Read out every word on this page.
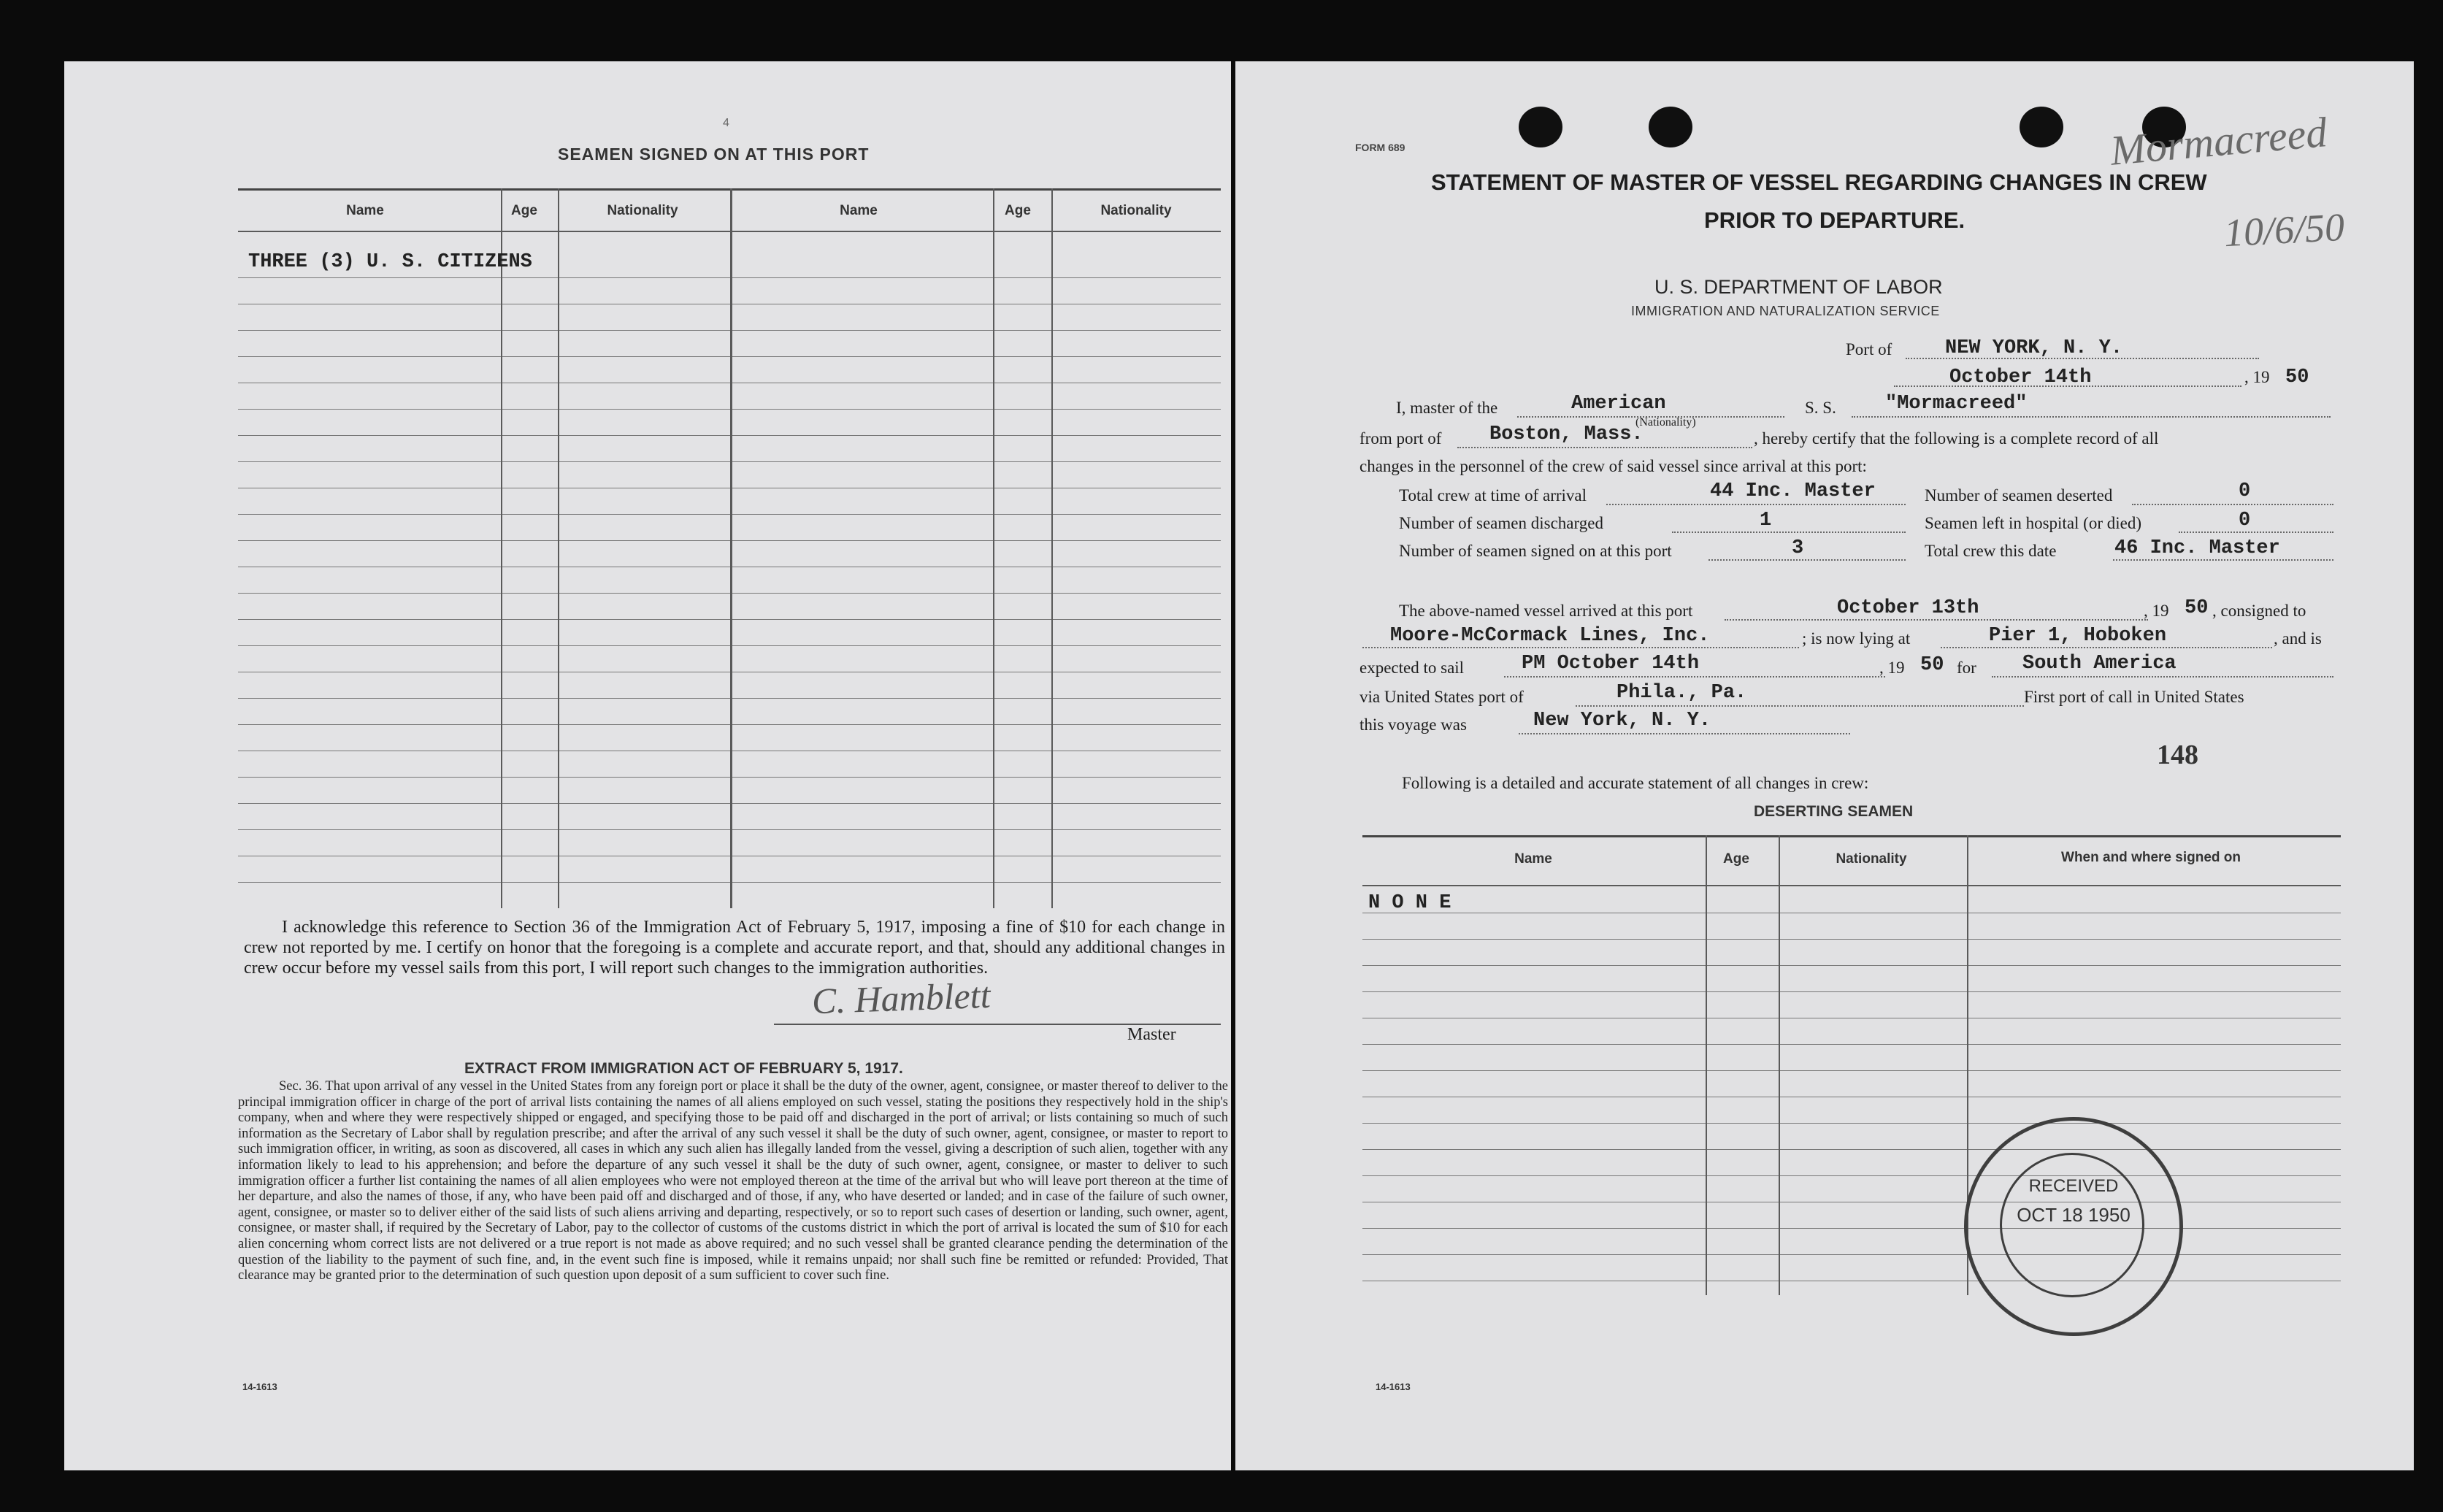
4
SEAMEN SIGNED ON AT THIS PORT
Name	Age	Nationality	Name	Age	Nationality
THREE (3) U. S. CITIZENS
I acknowledge this reference to Section 36 of the Immigration Act of February 5, 1917, imposing a fine of $10 for each change in crew not reported by me. I certify on honor that the foregoing is a complete and accurate report, and that, should any additional changes in crew occur before my vessel sails from this port, I will report such changes to the immigration authorities.
C. Hamblett
Master
EXTRACT FROM IMMIGRATION ACT OF FEBRUARY 5, 1917.
Sec. 36. That upon arrival of any vessel in the United States from any foreign port or place it shall be the duty of the owner, agent, consignee, or master thereof to deliver to the principal immigration officer in charge of the port of arrival lists containing the names of all aliens employed on such vessel, stating the positions they respectively hold in the ship's company, when and where they were respectively shipped or engaged, and specifying those to be paid off and discharged in the port of arrival; or lists containing so much of such information as the Secretary of Labor shall by regulation prescribe; and after the arrival of any such vessel it shall be the duty of such owner, agent, consignee, or master to report to such immigration officer, in writing, as soon as discovered, all cases in which any such alien has illegally landed from the vessel, giving a description of such alien, together with any information likely to lead to his apprehension; and before the departure of any such vessel it shall be the duty of such owner, agent, consignee, or master to deliver to such immigration officer a further list containing the names of all alien employees who were not employed thereon at the time of the arrival but who will leave port thereon at the time of her departure, and also the names of those, if any, who have been paid off and discharged and of those, if any, who have deserted or landed; and in case of the failure of such owner, agent, consignee, or master so to deliver either of the said lists of such aliens arriving and departing, respectively, or so to report such cases of desertion or landing, such owner, agent, consignee, or master shall, if required by the Secretary of Labor, pay to the collector of customs of the customs district in which the port of arrival is located the sum of $10 for each alien concerning whom correct lists are not delivered or a true report is not made as above required; and no such vessel shall be granted clearance pending the determination of the question of the liability to the payment of such fine, and, in the event such fine is imposed, while it remains unpaid; nor shall such fine be remitted or refunded: Provided, That clearance may be granted prior to the determination of such question upon deposit of a sum sufficient to cover such fine.
14-1613
FORM 689	Mormacreed
10/6/50
STATEMENT OF MASTER OF VESSEL REGARDING CHANGES IN CREW
PRIOR TO DEPARTURE.
U. S. DEPARTMENT OF LABOR
IMMIGRATION AND NATURALIZATION SERVICE
Port of	NEW YORK, N. Y.
October 14th	, 19 50
I, master of the	American
(Nationality)
S. S. "Mormacreed"
from port of Boston, Mass.	, hereby certify that the following is a complete record of all
changes in the personnel of the crew of said vessel since arrival at this port:
Total crew at time of arrival	44 Inc. Master	Number of seamen deserted	0
Number of seamen discharged	1	Seamen left in hospital (or died)	0
Number of seamen signed on at this port	3	Total crew this date	46 Inc. Master
The above-named vessel arrived at this port	October 13th	, 19 50 , consigned to
Moore-McCormack Lines, Inc.	; is now lying at	Pier 1, Hoboken	, and is
expected to sail	PM October 14th	, 19 50 for South America
via United States port of	Phila., Pa.	First port of call in United States
this voyage was	New York, N. Y.
148
Following is a detailed and accurate statement of all changes in crew:
DESERTING SEAMEN
Name	Age	Nationality	When and where signed on
N O N E
14-1613
RECEIVED
OCT 18 1950
